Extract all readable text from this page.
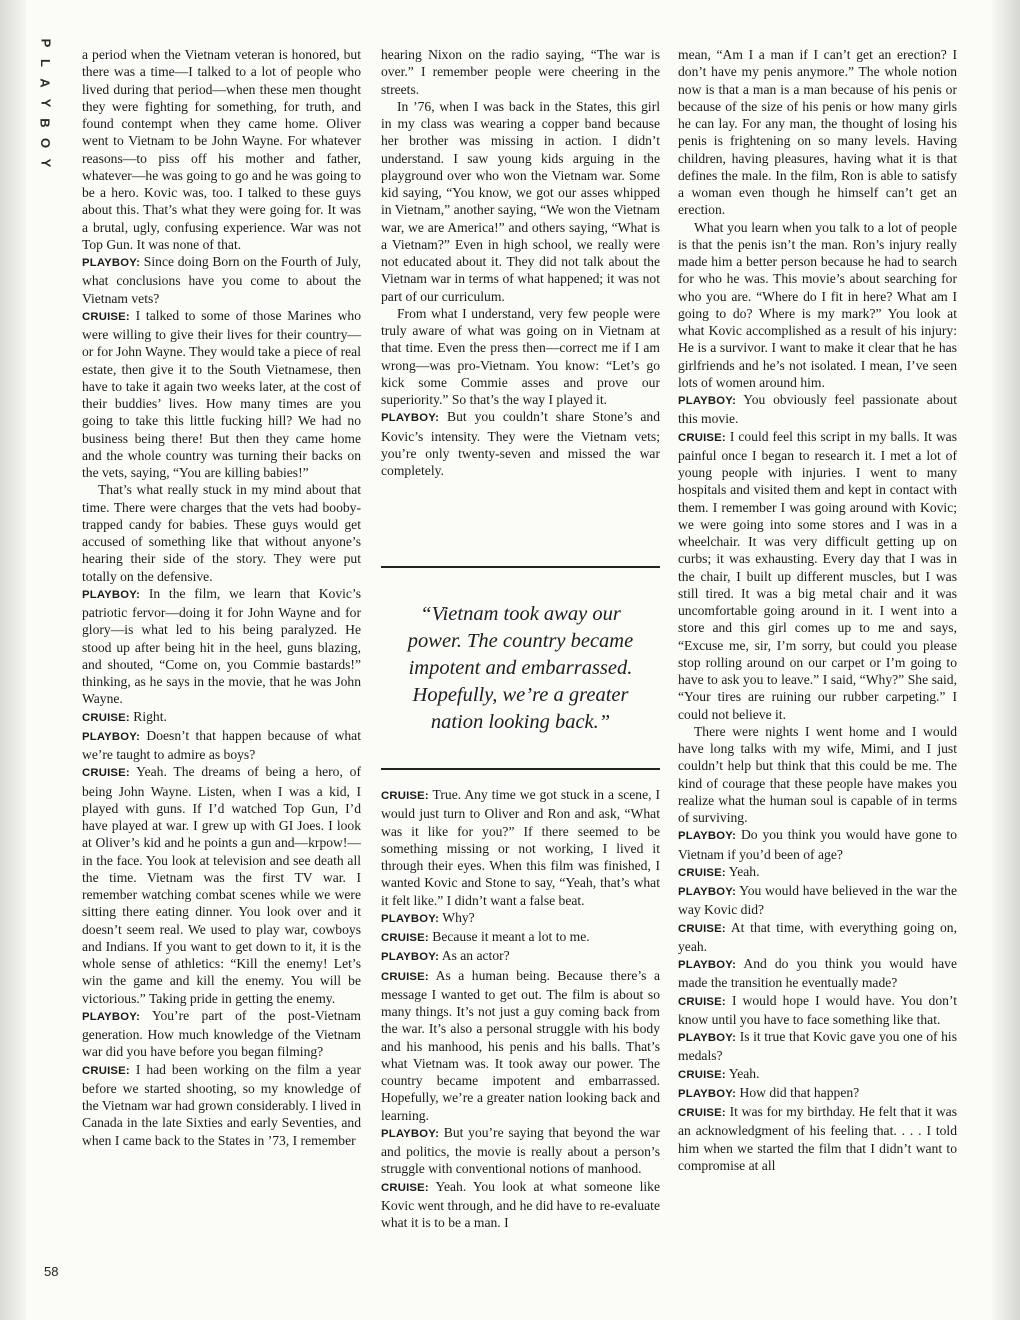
P
L
A
Y
B
O
Y

a period when the Vietnam veteran is honored, but there was a time—I talked to a lot of people who lived during that period—when these men thought they were fighting for something, for truth, and found contempt when they came home. Oliver went to Vietnam to be John Wayne. For whatever reasons—to piss off his mother and father, whatever—he was going to go and he was going to be a hero. Kovic was, too. I talked to these guys about this. That’s what they were going for. It was a brutal, ugly, confusing experience. War was not Top Gun. It was none of that.

PLAYBOY: Since doing Born on the Fourth of July, what conclusions have you come to about the Vietnam vets?

CRUISE: I talked to some of those Marines who were willing to give their lives for their country—or for John Wayne. They would take a piece of real estate, then give it to the South Vietnamese, then have to take it again two weeks later, at the cost of their buddies’ lives. How many times are you going to take this little fucking hill? We had no business being there! But then they came home and the whole country was turning their backs on the vets, saying, “You are killing babies!”

That’s what really stuck in my mind about that time. There were charges that the vets had booby-trapped candy for babies. These guys would get accused of something like that without anyone’s hearing their side of the story. They were put totally on the defensive.

PLAYBOY: In the film, we learn that Kovic’s patriotic fervor—doing it for John Wayne and for glory—is what led to his being paralyzed. He stood up after being hit in the heel, guns blazing, and shouted, “Come on, you Commie bastards!” thinking, as he says in the movie, that he was John Wayne.

CRUISE: Right.

PLAYBOY: Doesn’t that happen because of what we’re taught to admire as boys?

CRUISE: Yeah. The dreams of being a hero, of being John Wayne. Listen, when I was a kid, I played with guns. If I’d watched Top Gun, I’d have played at war. I grew up with GI Joes. I look at Oliver’s kid and he points a gun and—krpow!—in the face. You look at television and see death all the time. Vietnam was the first TV war. I remember watching combat scenes while we were sitting there eating dinner. You look over and it doesn’t seem real. We used to play war, cowboys and Indians. If you want to get down to it, it is the whole sense of athletics: “Kill the enemy! Let’s win the game and kill the enemy. You will be victorious.” Taking pride in getting the enemy.

PLAYBOY: You’re part of the post-Vietnam generation. How much knowledge of the Vietnam war did you have before you began filming?

CRUISE: I had been working on the film a year before we started shooting, so my knowledge of the Vietnam war had grown considerably. I lived in Canada in the late Sixties and early Seventies, and when I came back to the States in ’73, I remember

hearing Nixon on the radio saying, “The war is over.” I remember people were cheering in the streets.

In ’76, when I was back in the States, this girl in my class was wearing a copper band because her brother was missing in action. I didn’t understand. I saw young kids arguing in the playground over who won the Vietnam war. Some kid saying, “You know, we got our asses whipped in Vietnam,” another saying, “We won the Vietnam war, we are America!” and others saying, “What is a Vietnam?” Even in high school, we really were not educated about it. They did not talk about the Vietnam war in terms of what happened; it was not part of our curriculum.

From what I understand, very few people were truly aware of what was going on in Vietnam at that time. Even the press then—correct me if I am wrong—was pro-Vietnam. You know: “Let’s go kick some Commie asses and prove our superiority.” So that’s the way I played it.

PLAYBOY: But you couldn’t share Stone’s and Kovic’s intensity. They were the Vietnam vets; you’re only twenty-seven and missed the war completely.

“Vietnam took away our power. The country became impotent and embarrassed. Hopefully, we’re a greater nation looking back.”

CRUISE: True. Any time we got stuck in a scene, I would just turn to Oliver and Ron and ask, “What was it like for you?” If there seemed to be something missing or not working, I lived it through their eyes. When this film was finished, I wanted Kovic and Stone to say, “Yeah, that’s what it felt like.” I didn’t want a false beat.

PLAYBOY: Why?

CRUISE: Because it meant a lot to me.

PLAYBOY: As an actor?

CRUISE: As a human being. Because there’s a message I wanted to get out. The film is about so many things. It’s not just a guy coming back from the war. It’s also a personal struggle with his body and his manhood, his penis and his balls. That’s what Vietnam was. It took away our power. The country became impotent and embarrassed. Hopefully, we’re a greater nation looking back and learning.

PLAYBOY: But you’re saying that beyond the war and politics, the movie is really about a person’s struggle with conventional notions of manhood.

CRUISE: Yeah. You look at what someone like Kovic went through, and he did have to re-evaluate what it is to be a man. I

mean, “Am I a man if I can’t get an erection? I don’t have my penis anymore.” The whole notion now is that a man is a man because of his penis or because of the size of his penis or how many girls he can lay. For any man, the thought of losing his penis is frightening on so many levels. Having children, having pleasures, having what it is that defines the male. In the film, Ron is able to satisfy a woman even though he himself can’t get an erection.

What you learn when you talk to a lot of people is that the penis isn’t the man. Ron’s injury really made him a better person because he had to search for who he was. This movie’s about searching for who you are. “Where do I fit in here? What am I going to do? Where is my mark?” You look at what Kovic accomplished as a result of his injury: He is a survivor. I want to make it clear that he has girlfriends and he’s not isolated. I mean, I’ve seen lots of women around him.

PLAYBOY: You obviously feel passionate about this movie.

CRUISE: I could feel this script in my balls. It was painful once I began to research it. I met a lot of young people with injuries. I went to many hospitals and visited them and kept in contact with them. I remember I was going around with Kovic; we were going into some stores and I was in a wheelchair. It was very difficult getting up on curbs; it was exhausting. Every day that I was in the chair, I built up different muscles, but I was still tired. It was a big metal chair and it was uncomfortable going around in it. I went into a store and this girl comes up to me and says, “Excuse me, sir, I’m sorry, but could you please stop rolling around on our carpet or I’m going to have to ask you to leave.” I said, “Why?” She said, “Your tires are ruining our rubber carpeting.” I could not believe it.

There were nights I went home and I would have long talks with my wife, Mimi, and I just couldn’t help but think that this could be me. The kind of courage that these people have makes you realize what the human soul is capable of in terms of surviving.

PLAYBOY: Do you think you would have gone to Vietnam if you’d been of age?

CRUISE: Yeah.

PLAYBOY: You would have believed in the war the way Kovic did?

CRUISE: At that time, with everything going on, yeah.

PLAYBOY: And do you think you would have made the transition he eventually made?

CRUISE: I would hope I would have. You don’t know until you have to face something like that.

PLAYBOY: Is it true that Kovic gave you one of his medals?

CRUISE: Yeah.

PLAYBOY: How did that happen?

CRUISE: It was for my birthday. He felt that it was an acknowledgment of his feeling that. . . . I told him when we started the film that I didn’t want to compromise at all

58
